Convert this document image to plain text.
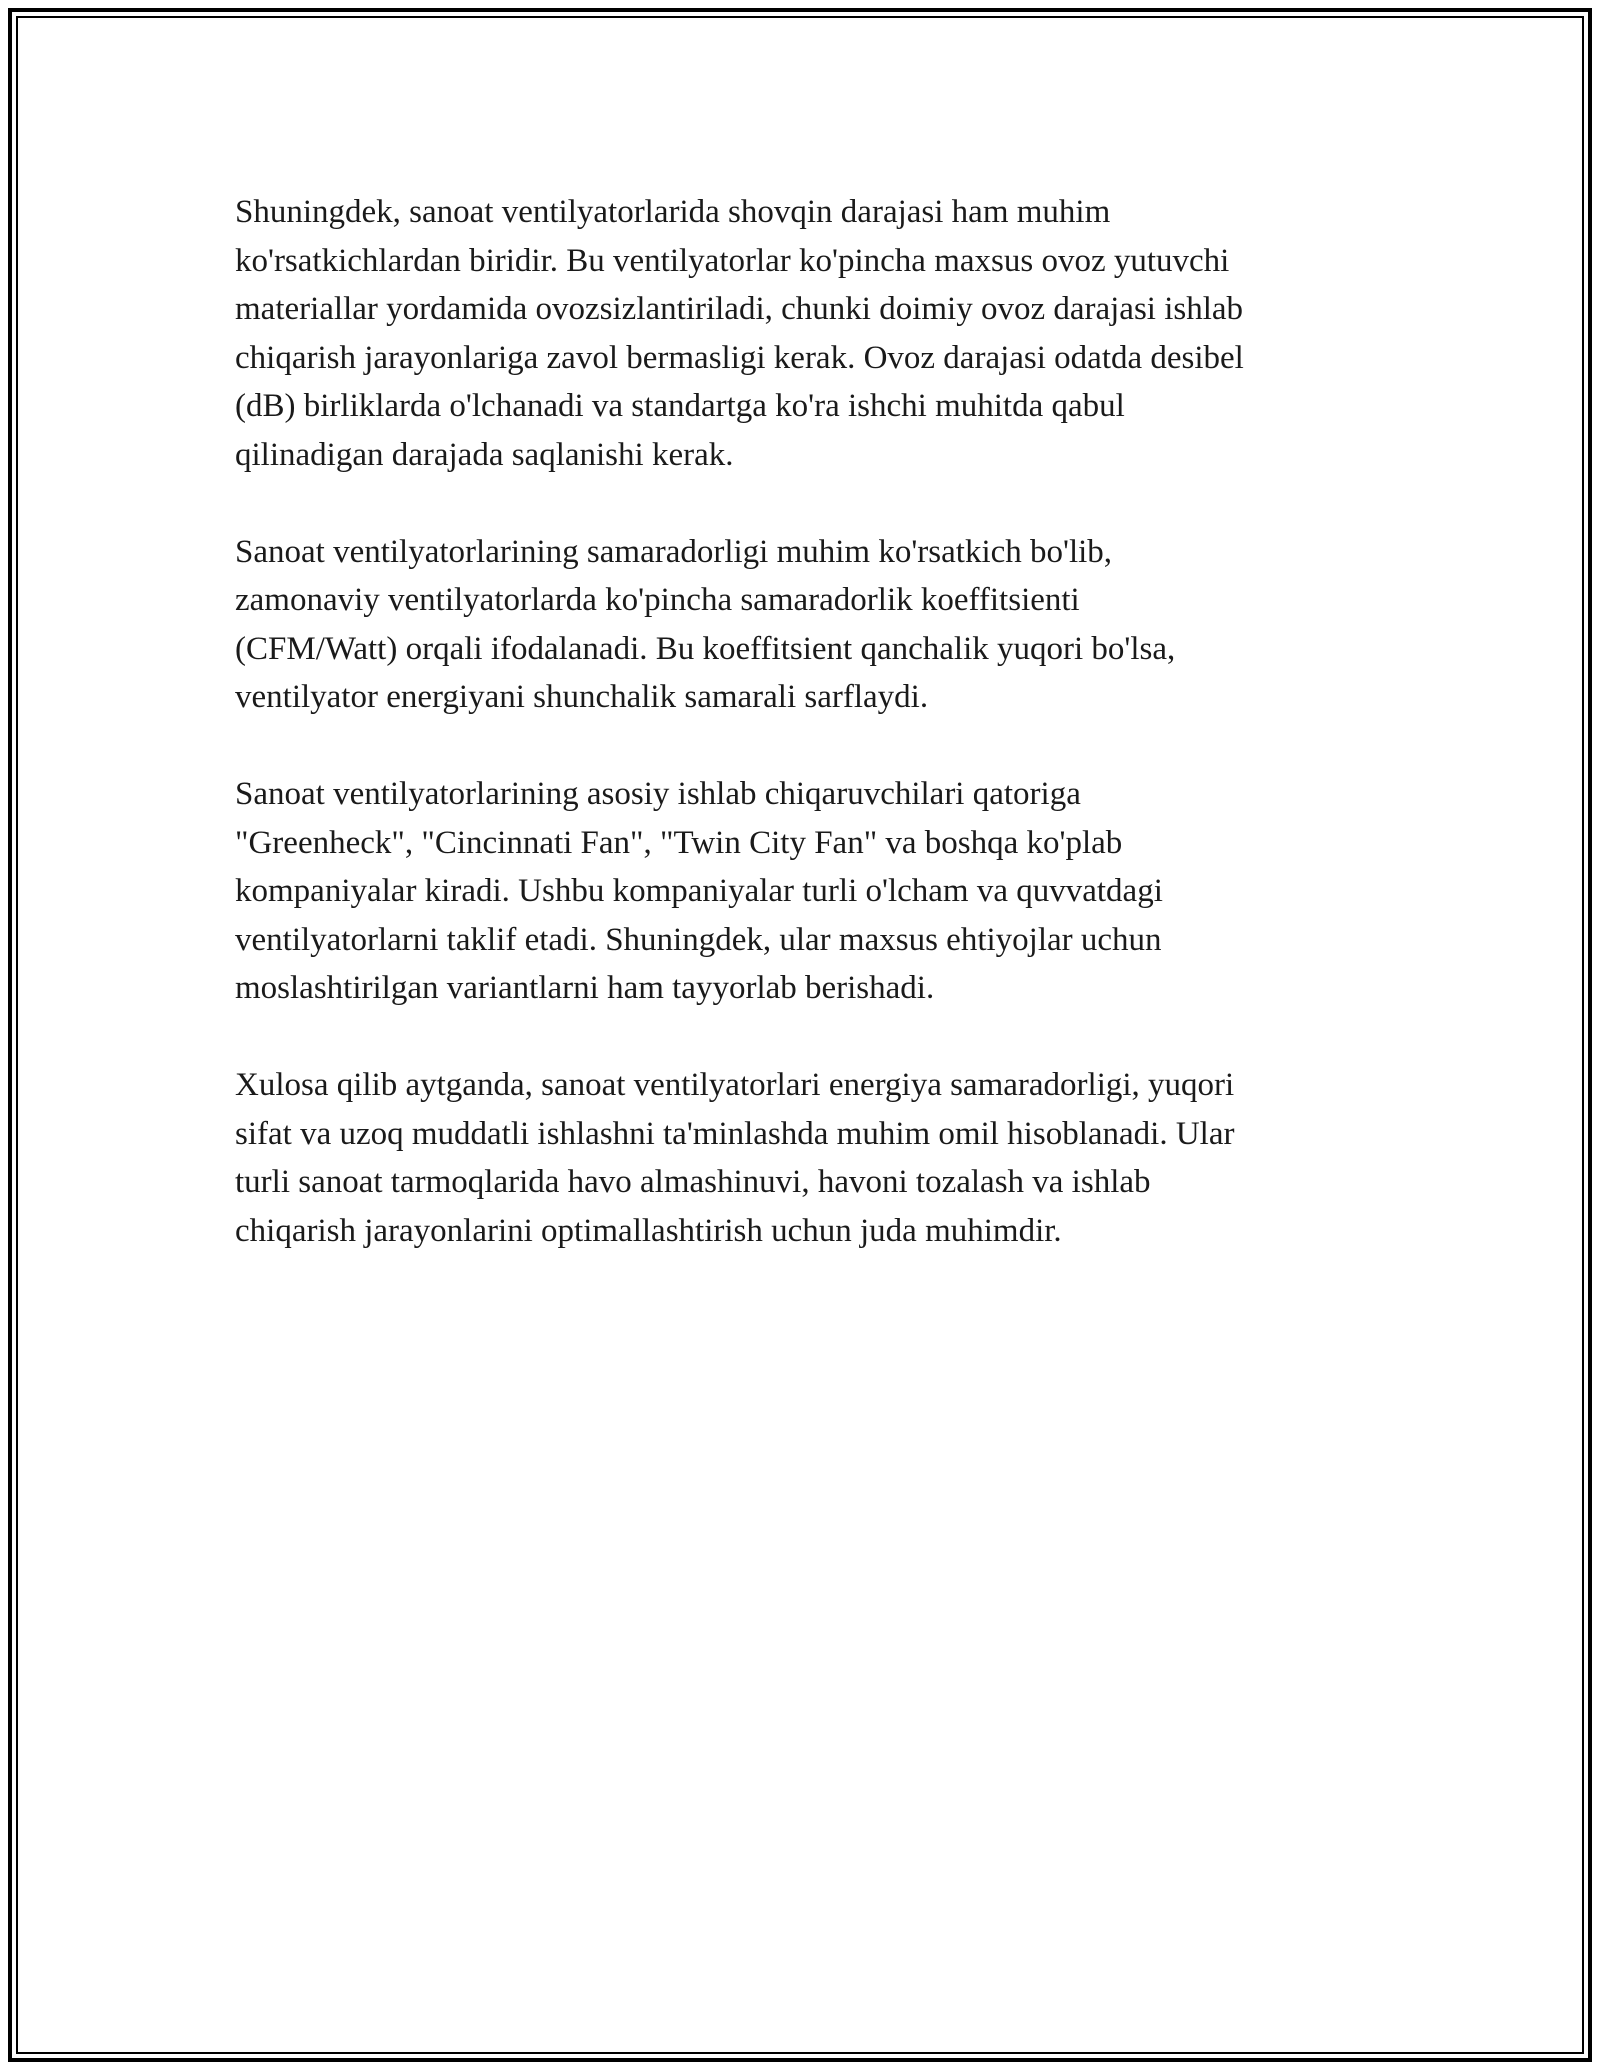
Shuningdek, sanoat ventilyatorlarida shovqin darajasi ham muhim
ko'rsatkichlardan biridir. Bu ventilyatorlar ko'pincha maxsus ovoz yutuvchi
materiallar yordamida ovozsizlantiriladi, chunki doimiy ovoz darajasi ishlab
chiqarish jarayonlariga zavol bermasligi kerak. Ovoz darajasi odatda desibel
(dB) birliklarda o'lchanadi va standartga ko'ra ishchi muhitda qabul
qilinadigan darajada saqlanishi kerak.

Sanoat ventilyatorlarining samaradorligi muhim ko'rsatkich bo'lib,
zamonaviy ventilyatorlarda ko'pincha samaradorlik koeffitsienti
(CFM/Watt) orqali ifodalanadi. Bu koeffitsient qanchalik yuqori bo'lsa,
ventilyator energiyani shunchalik samarali sarflaydi.

Sanoat ventilyatorlarining asosiy ishlab chiqaruvchilari qatoriga
"Greenheck", "Cincinnati Fan", "Twin City Fan" va boshqa ko'plab
kompaniyalar kiradi. Ushbu kompaniyalar turli o'lcham va quvvatdagi
ventilyatorlarni taklif etadi. Shuningdek, ular maxsus ehtiyojlar uchun
moslashtirilgan variantlarni ham tayyorlab berishadi.

Xulosa qilib aytganda, sanoat ventilyatorlari energiya samaradorligi, yuqori
sifat va uzoq muddatli ishlashni ta'minlashda muhim omil hisoblanadi. Ular
turli sanoat tarmoqlarida havo almashinuvi, havoni tozalash va ishlab
chiqarish jarayonlarini optimallashtirish uchun juda muhimdir.
